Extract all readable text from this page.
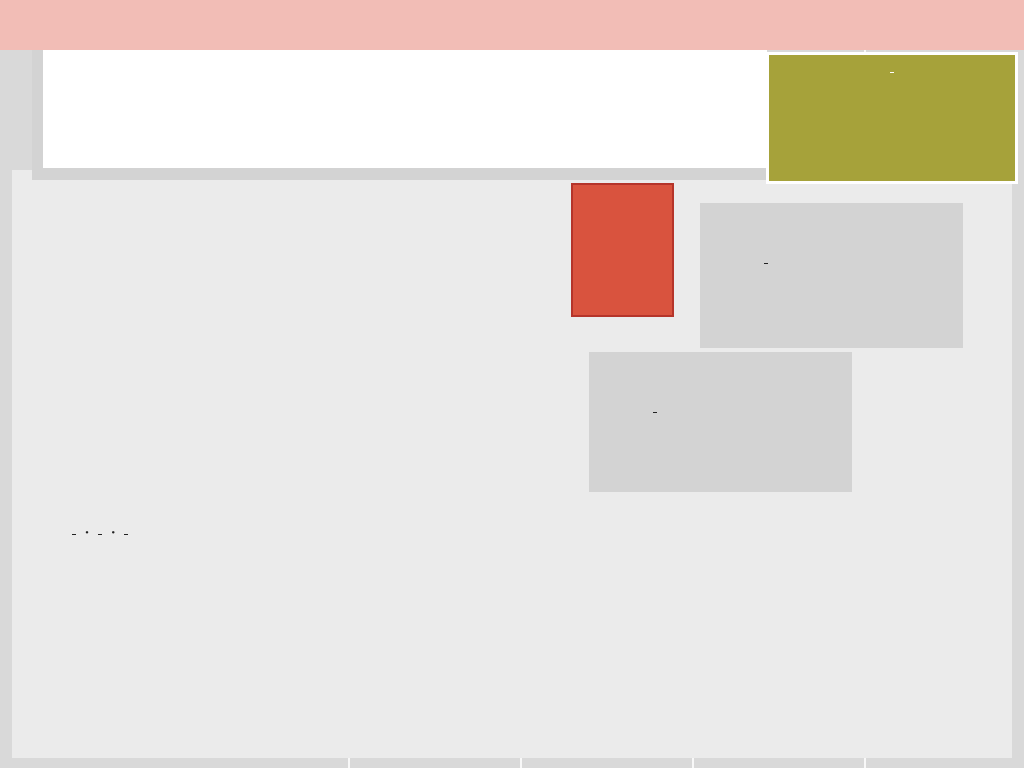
· ·
